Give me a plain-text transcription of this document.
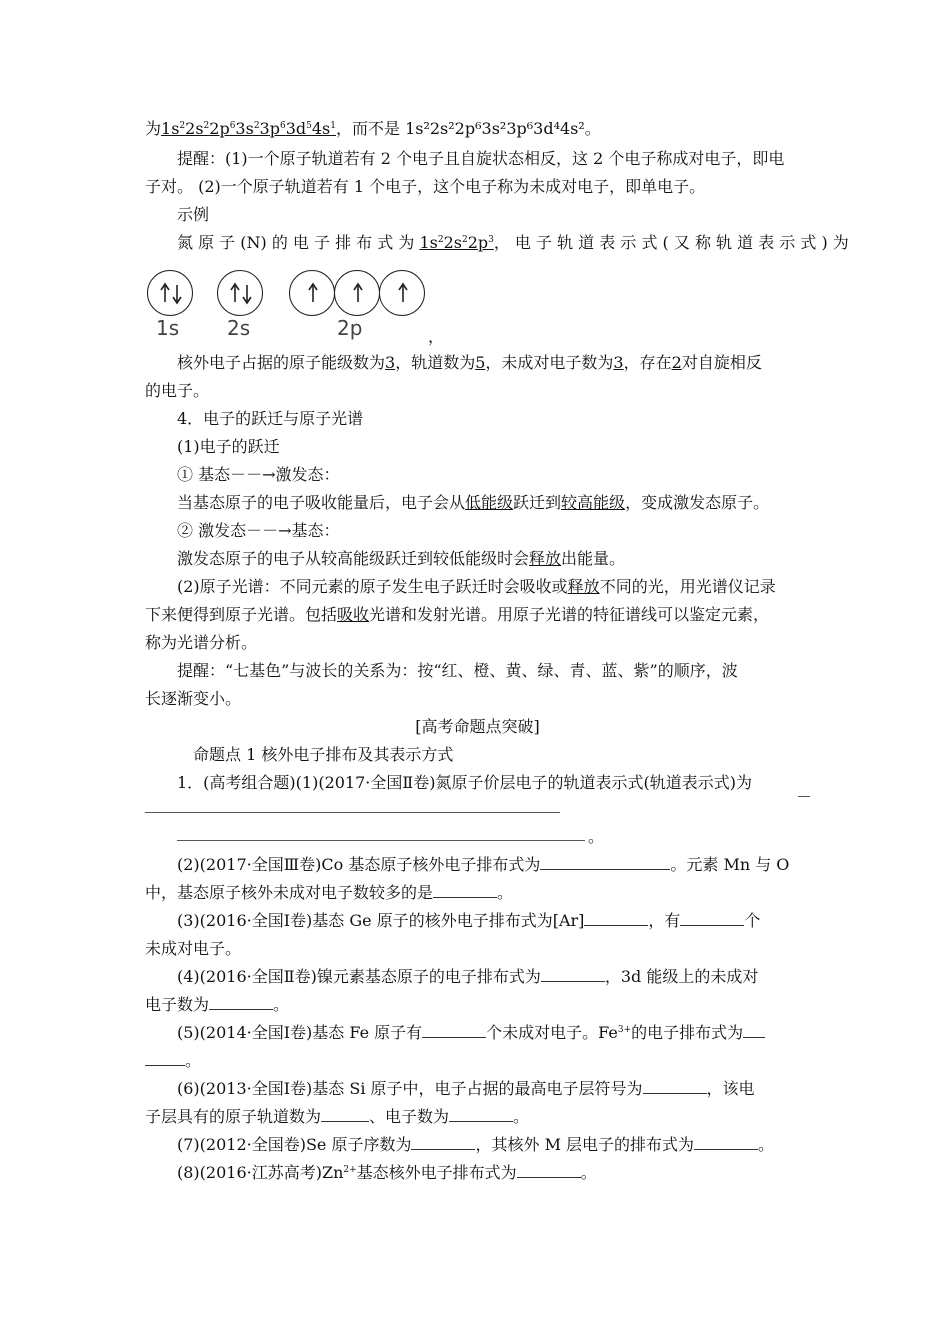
为$1s^22s^22p^63s^23p^63d^54s^1$，而不是 1s²2s²2p⁶3s²3p⁶3d⁴4s²。
提醒：(1)一个原子轨道若有 2 个电子且自旋状态相反，这 2 个电子称成对电子，即电
子对。 (2)一个原子轨道若有 1 个电子，这个电子称为未成对电子，即单电子。
示例
氮 原 子 (N) 的 电 子 排 布 式 为 $1s^22s^22p^3$， 电 子 轨 道 表 示 式 ( 又 称 轨 道 表 示 式 ) 为
1s 2s	2p	，
核外电子占据的原子能级数为3，轨道数为5，未成对电子数为3，存在2对自旋相反
的电子。
4．电子的跃迁与原子光谱
(1)电子的跃迁
① 基态－－→激发态：
当基态原子的电子吸收能量后，电子会从低能级跃迁到较高能级，变成激发态原子。
② 激发态－－→基态：
激发态原子的电子从较高能级跃迁到较低能级时会释放出能量。
(2)原子光谱：不同元素的原子发生电子跃迁时会吸收或释放不同的光，用光谱仪记录
下来便得到原子光谱。包括吸收光谱和发射光谱。用原子光谱的特征谱线可以鉴定元素，
称为光谱分析。
提醒：“七基色”与波长的关系为：按“红、橙、黄、绿、青、蓝、紫”的顺序，波
长逐渐变小。
[高考命题点突破]
命题点 1 核外电子排布及其表示方式
1．(高考组合题)(1)(2017·全国Ⅱ卷)氮原子价层电子的轨道表示式(轨道表示式)为
。
(2)(2017·全国Ⅲ卷)Co 基态原子核外电子排布式为	。元素 Mn 与 O
中，基态原子核外未成对电子数较多的是	。
(3)(2016·全国Ⅰ卷)基态 Ge 原子的核外电子排布式为[Ar]	，有	个
未成对电子。
(4)(2016·全国Ⅱ卷)镍元素基态原子的电子排布式为	，3d 能级上的未成对
电子数为	。
(5)(2014·全国Ⅰ卷)基态 Fe 原子有	个未成对电子。$Fe^{3+}$的电子排布式为
。
(6)(2013·全国Ⅰ卷)基态 Si 原子中，电子占据的最高电子层符号为	，该电
子层具有的原子轨道数为	、电子数为	。
(7)(2012·全国卷)Se 原子序数为	，其核外 M 层电子的排布式为	。
(8)(2016·江苏高考)$Zn^{2+}$基态核外电子排布式为	。
